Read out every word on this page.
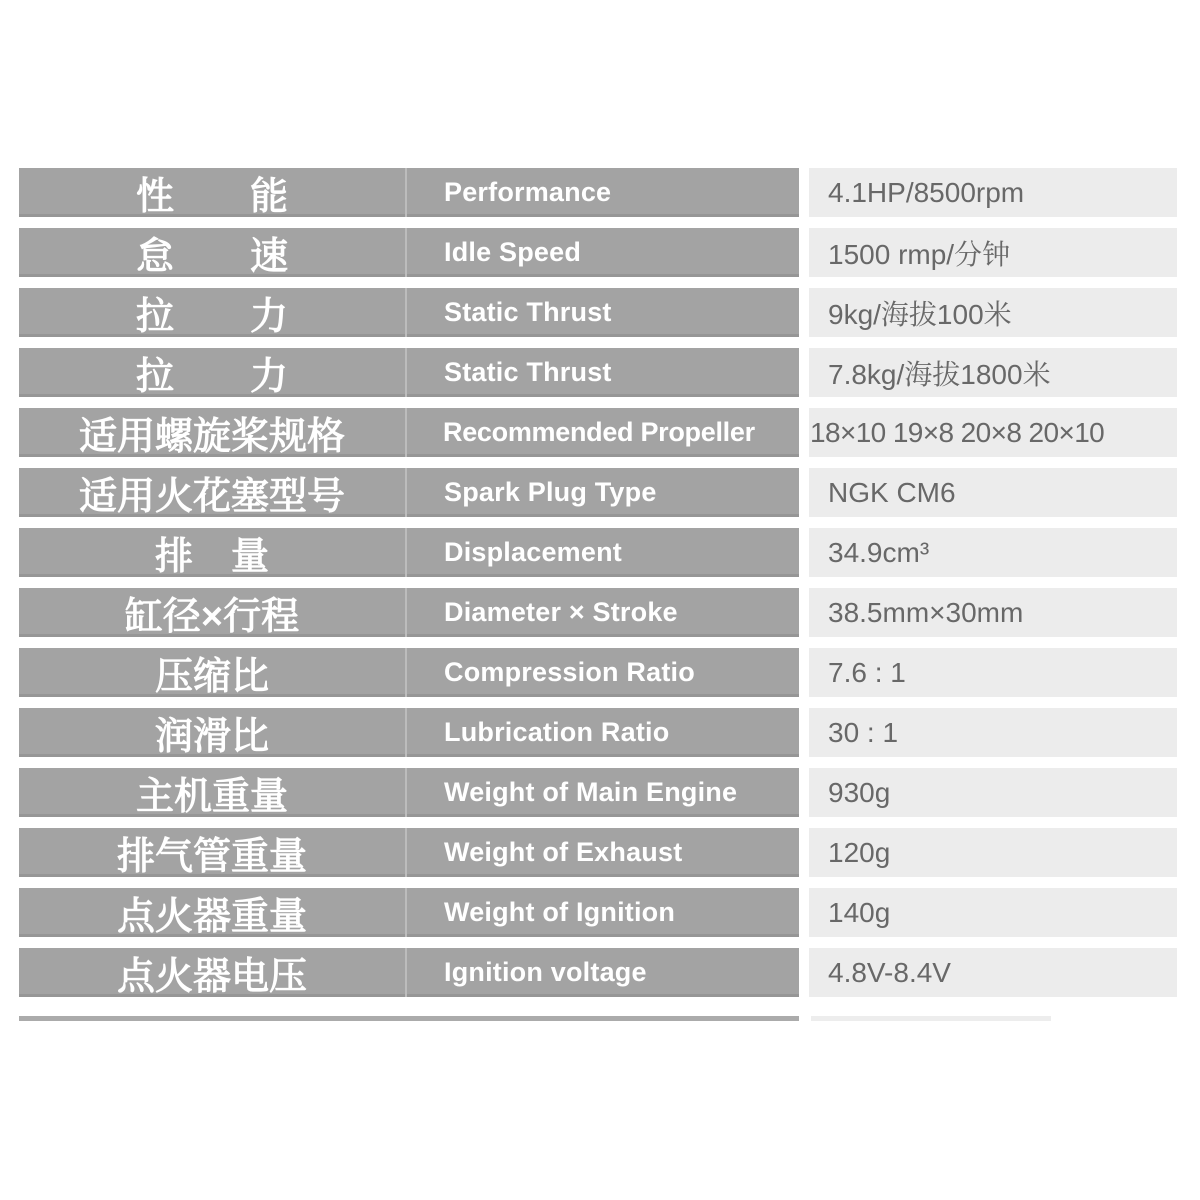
性　　能	Performance	4.1HP/8500rpm
怠　　速	Idle Speed	1500 rmp/分钟
拉　　力	Static Thrust	9kg/海拔100米
拉　　力	Static Thrust	7.8kg/海拔1800米
适用螺旋桨规格	Recommended Propeller	18×10 19×8 20×8 20×10
适用火花塞型号	Spark Plug Type	NGK CM6
排　量	Displacement	34.9cm³
缸径×行程	Diameter × Stroke	38.5mm×30mm
压缩比	Compression Ratio	7.6 : 1
润滑比	Lubrication Ratio	30 : 1
主机重量	Weight of Main Engine	930g
排气管重量	Weight of Exhaust	120g
点火器重量	Weight of Ignition	140g
点火器电压	Ignition voltage	4.8V-8.4V
